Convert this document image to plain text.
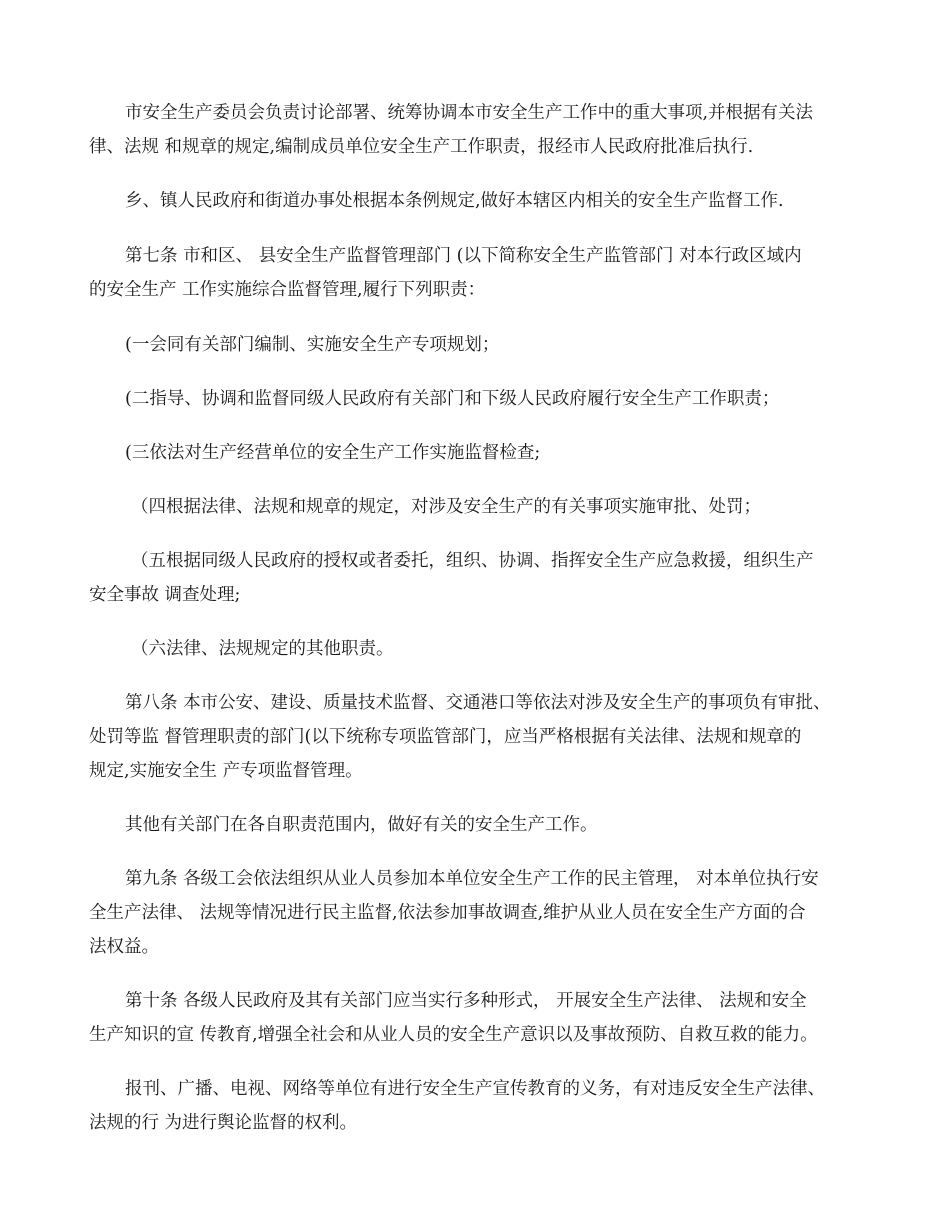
市安全生产委员会负责讨论部署、统筹协调本市安全生产工作中的重大事项,并根据有关法

律、法规 和规章的规定,编制成员单位安全生产工作职责，报经市人民政府批准后执行.

乡、镇人民政府和街道办事处根据本条例规定,做好本辖区内相关的安全生产监督工作.

第七条 市和区、 县安全生产监督管理部门 (以下简称安全生产监管部门 对本行政区域内

的安全生产 工作实施综合监督管理,履行下列职责：

(一会同有关部门编制、实施安全生产专项规划；

(二指导、协调和监督同级人民政府有关部门和下级人民政府履行安全生产工作职责；

(三依法对生产经营单位的安全生产工作实施监督检查;

（四根据法律、法规和规章的规定，对涉及安全生产的有关事项实施审批、处罚；

（五根据同级人民政府的授权或者委托，组织、协调、指挥安全生产应急救援，组织生产

安全事故 调查处理;

（六法律、法规规定的其他职责。

第八条 本市公安、建设、质量技术监督、交通港口等依法对涉及安全生产的事项负有审批、

处罚等监 督管理职责的部门(以下统称专项监管部门，应当严格根据有关法律、法规和规章的

规定,实施安全生 产专项监督管理。

其他有关部门在各自职责范围内，做好有关的安全生产工作。

第九条 各级工会依法组织从业人员参加本单位安全生产工作的民主管理， 对本单位执行安

全生产法律、 法规等情况进行民主监督,依法参加事故调查,维护从业人员在安全生产方面的合

法权益。

第十条 各级人民政府及其有关部门应当实行多种形式， 开展安全生产法律、 法规和安全

生产知识的宣 传教育,增强全社会和从业人员的安全生产意识以及事故预防、自救互救的能力。

报刊、广播、电视、网络等单位有进行安全生产宣传教育的义务，有对违反安全生产法律、

法规的行 为进行舆论监督的权利。
